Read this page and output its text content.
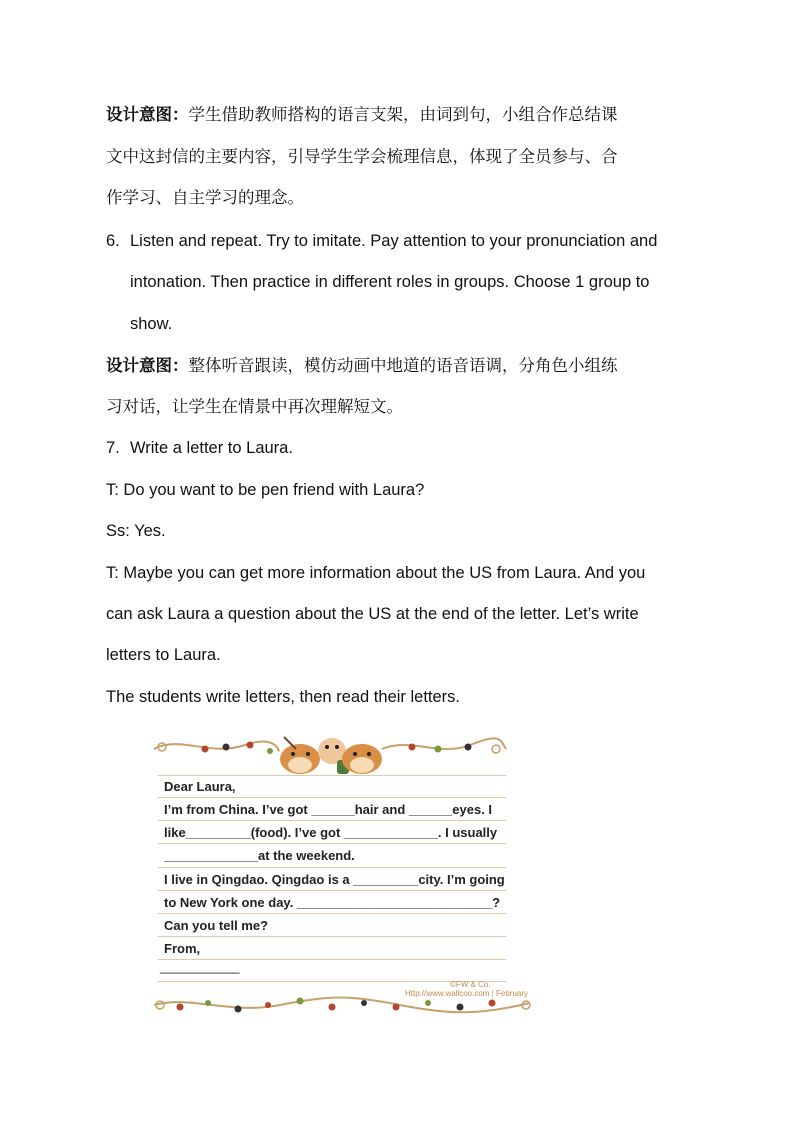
设计意图：学生借助教师搭构的语言支架，由词到句，小组合作总结课
文中这封信的主要内容，引导学生学会梳理信息，体现了全员参与、合
作学习、自主学习的理念。
6. Listen and repeat. Try to imitate. Pay attention to your pronunciation and
intonation. Then practice in different roles in groups. Choose 1 group to
show.
设计意图：整体听音跟读，模仿动画中地道的语音语调，分角色小组练
习对话，让学生在情景中再次理解短文。
7. Write a letter to Laura.
T: Do you want to be pen friend with Laura?
Ss: Yes.
T: Maybe you can get more information about the US from Laura. And you
can ask Laura a question about the US at the end of the letter. Let’s write
letters to Laura.
The students write letters, then read their letters.
Dear Laura,
I’m from China. I’ve got ______hair and ______eyes. I
like_________(food). I’ve got _____________. I usually
_____________at the weekend.
I live in Qingdao. Qingdao is a _________city. I’m going
to New York one day. ___________________________?
Can you tell me?
From,
___________
©FW & Co.
Http://www.wallcoo.com | February
